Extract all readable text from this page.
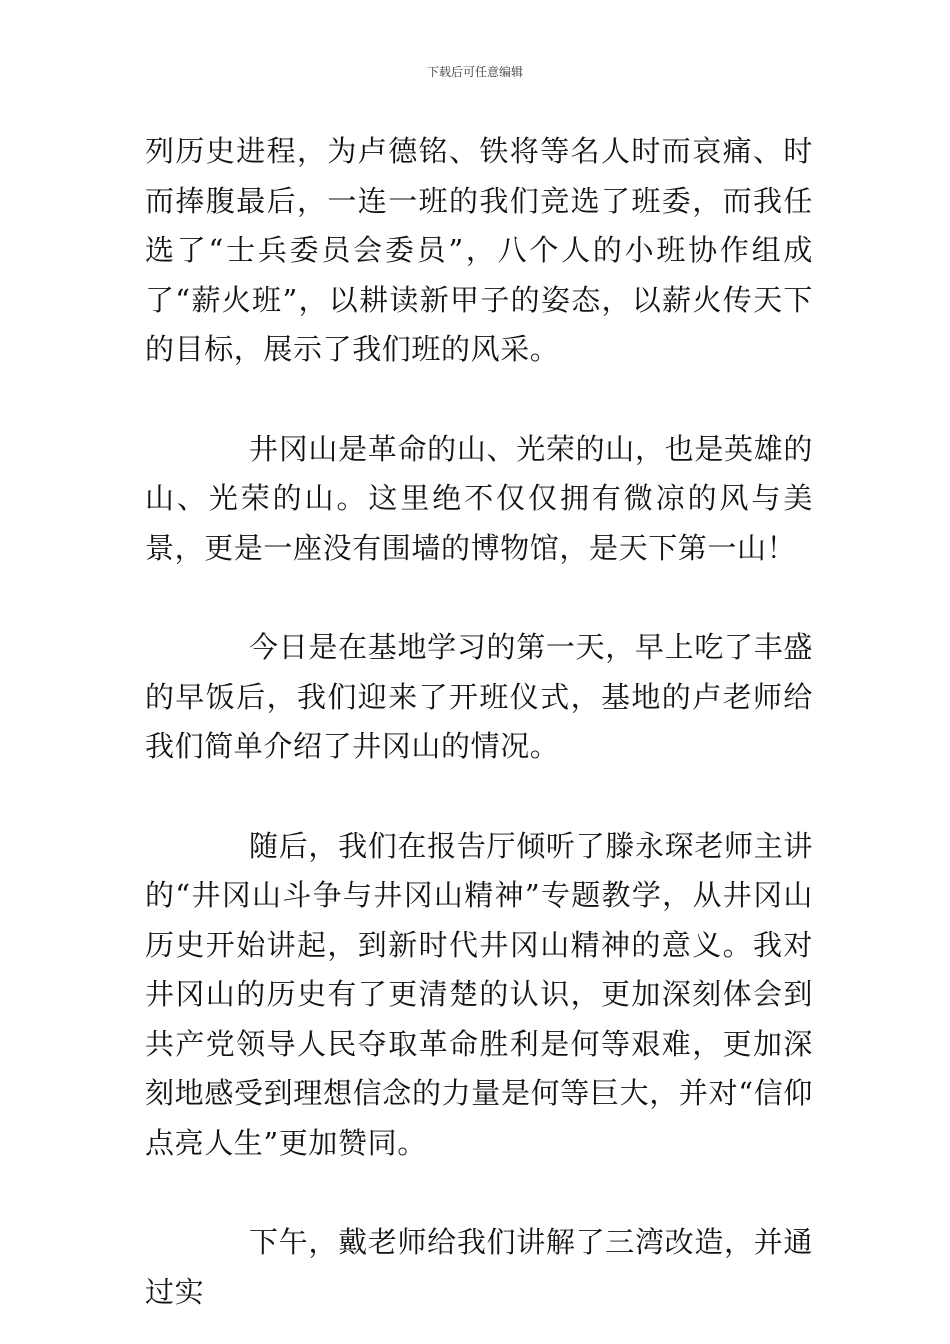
下载后可任意编辑

列历史进程，为卢德铭、铁将等名人时而哀痛、时而捧腹最后，一连一班的我们竞选了班委，而我任选了“士兵委员会委员”，八个人的小班协作组成了“薪火班”，以耕读新甲子的姿态，以薪火传天下的目标，展示了我们班的风采。

井冈山是革命的山、光荣的山，也是英雄的山、光荣的山。这里绝不仅仅拥有微凉的风与美景，更是一座没有围墙的博物馆，是天下第一山！

今日是在基地学习的第一天，早上吃了丰盛的早饭后，我们迎来了开班仪式，基地的卢老师给我们简单介绍了井冈山的情况。

随后，我们在报告厅倾听了滕永琛老师主讲的“井冈山斗争与井冈山精神”专题教学，从井冈山历史开始讲起，到新时代井冈山精神的意义。我对井冈山的历史有了更清楚的认识，更加深刻体会到共产党领导人民夺取革命胜利是何等艰难，更加深刻地感受到理想信念的力量是何等巨大，并对“信仰点亮人生”更加赞同。

下午，戴老师给我们讲解了三湾改造，并通过实
